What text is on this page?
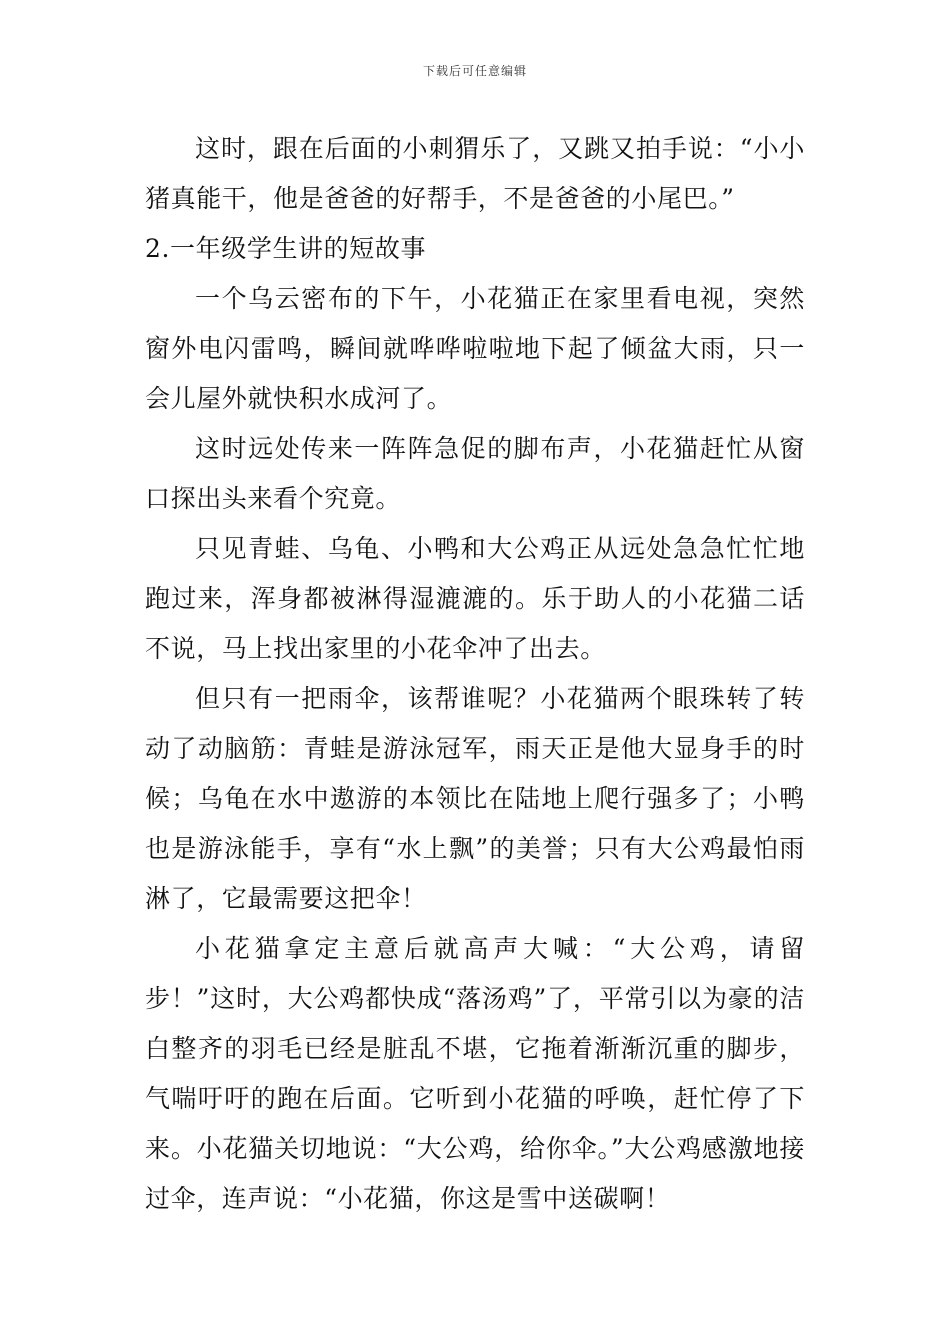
下载后可任意编辑

这时，跟在后面的小刺猬乐了，又跳又拍手说：“小小猪真能干，他是爸爸的好帮手，不是爸爸的小尾巴。”

2.一年级学生讲的短故事

一个乌云密布的下午，小花猫正在家里看电视，突然窗外电闪雷鸣，瞬间就哗哗啦啦地下起了倾盆大雨，只一会儿屋外就快积水成河了。

这时远处传来一阵阵急促的脚布声，小花猫赶忙从窗口探出头来看个究竟。

只见青蛙、乌龟、小鸭和大公鸡正从远处急急忙忙地跑过来，浑身都被淋得湿漉漉的。乐于助人的小花猫二话不说，马上找出家里的小花伞冲了出去。

但只有一把雨伞，该帮谁呢？小花猫两个眼珠转了转动了动脑筋：青蛙是游泳冠军，雨天正是他大显身手的时候；乌龟在水中遨游的本领比在陆地上爬行强多了；小鸭也是游泳能手，享有“水上飘”的美誉；只有大公鸡最怕雨淋了，它最需要这把伞！

小花猫拿定主意后就高声大喊：“大公鸡，请留步！”这时，大公鸡都快成“落汤鸡”了，平常引以为豪的洁白整齐的羽毛已经是脏乱不堪，它拖着渐渐沉重的脚步，气喘吁吁的跑在后面。它听到小花猫的呼唤，赶忙停了下来。小花猫关切地说：“大公鸡，给你伞。”大公鸡感激地接过伞，连声说：“小花猫，你这是雪中送碳啊！
